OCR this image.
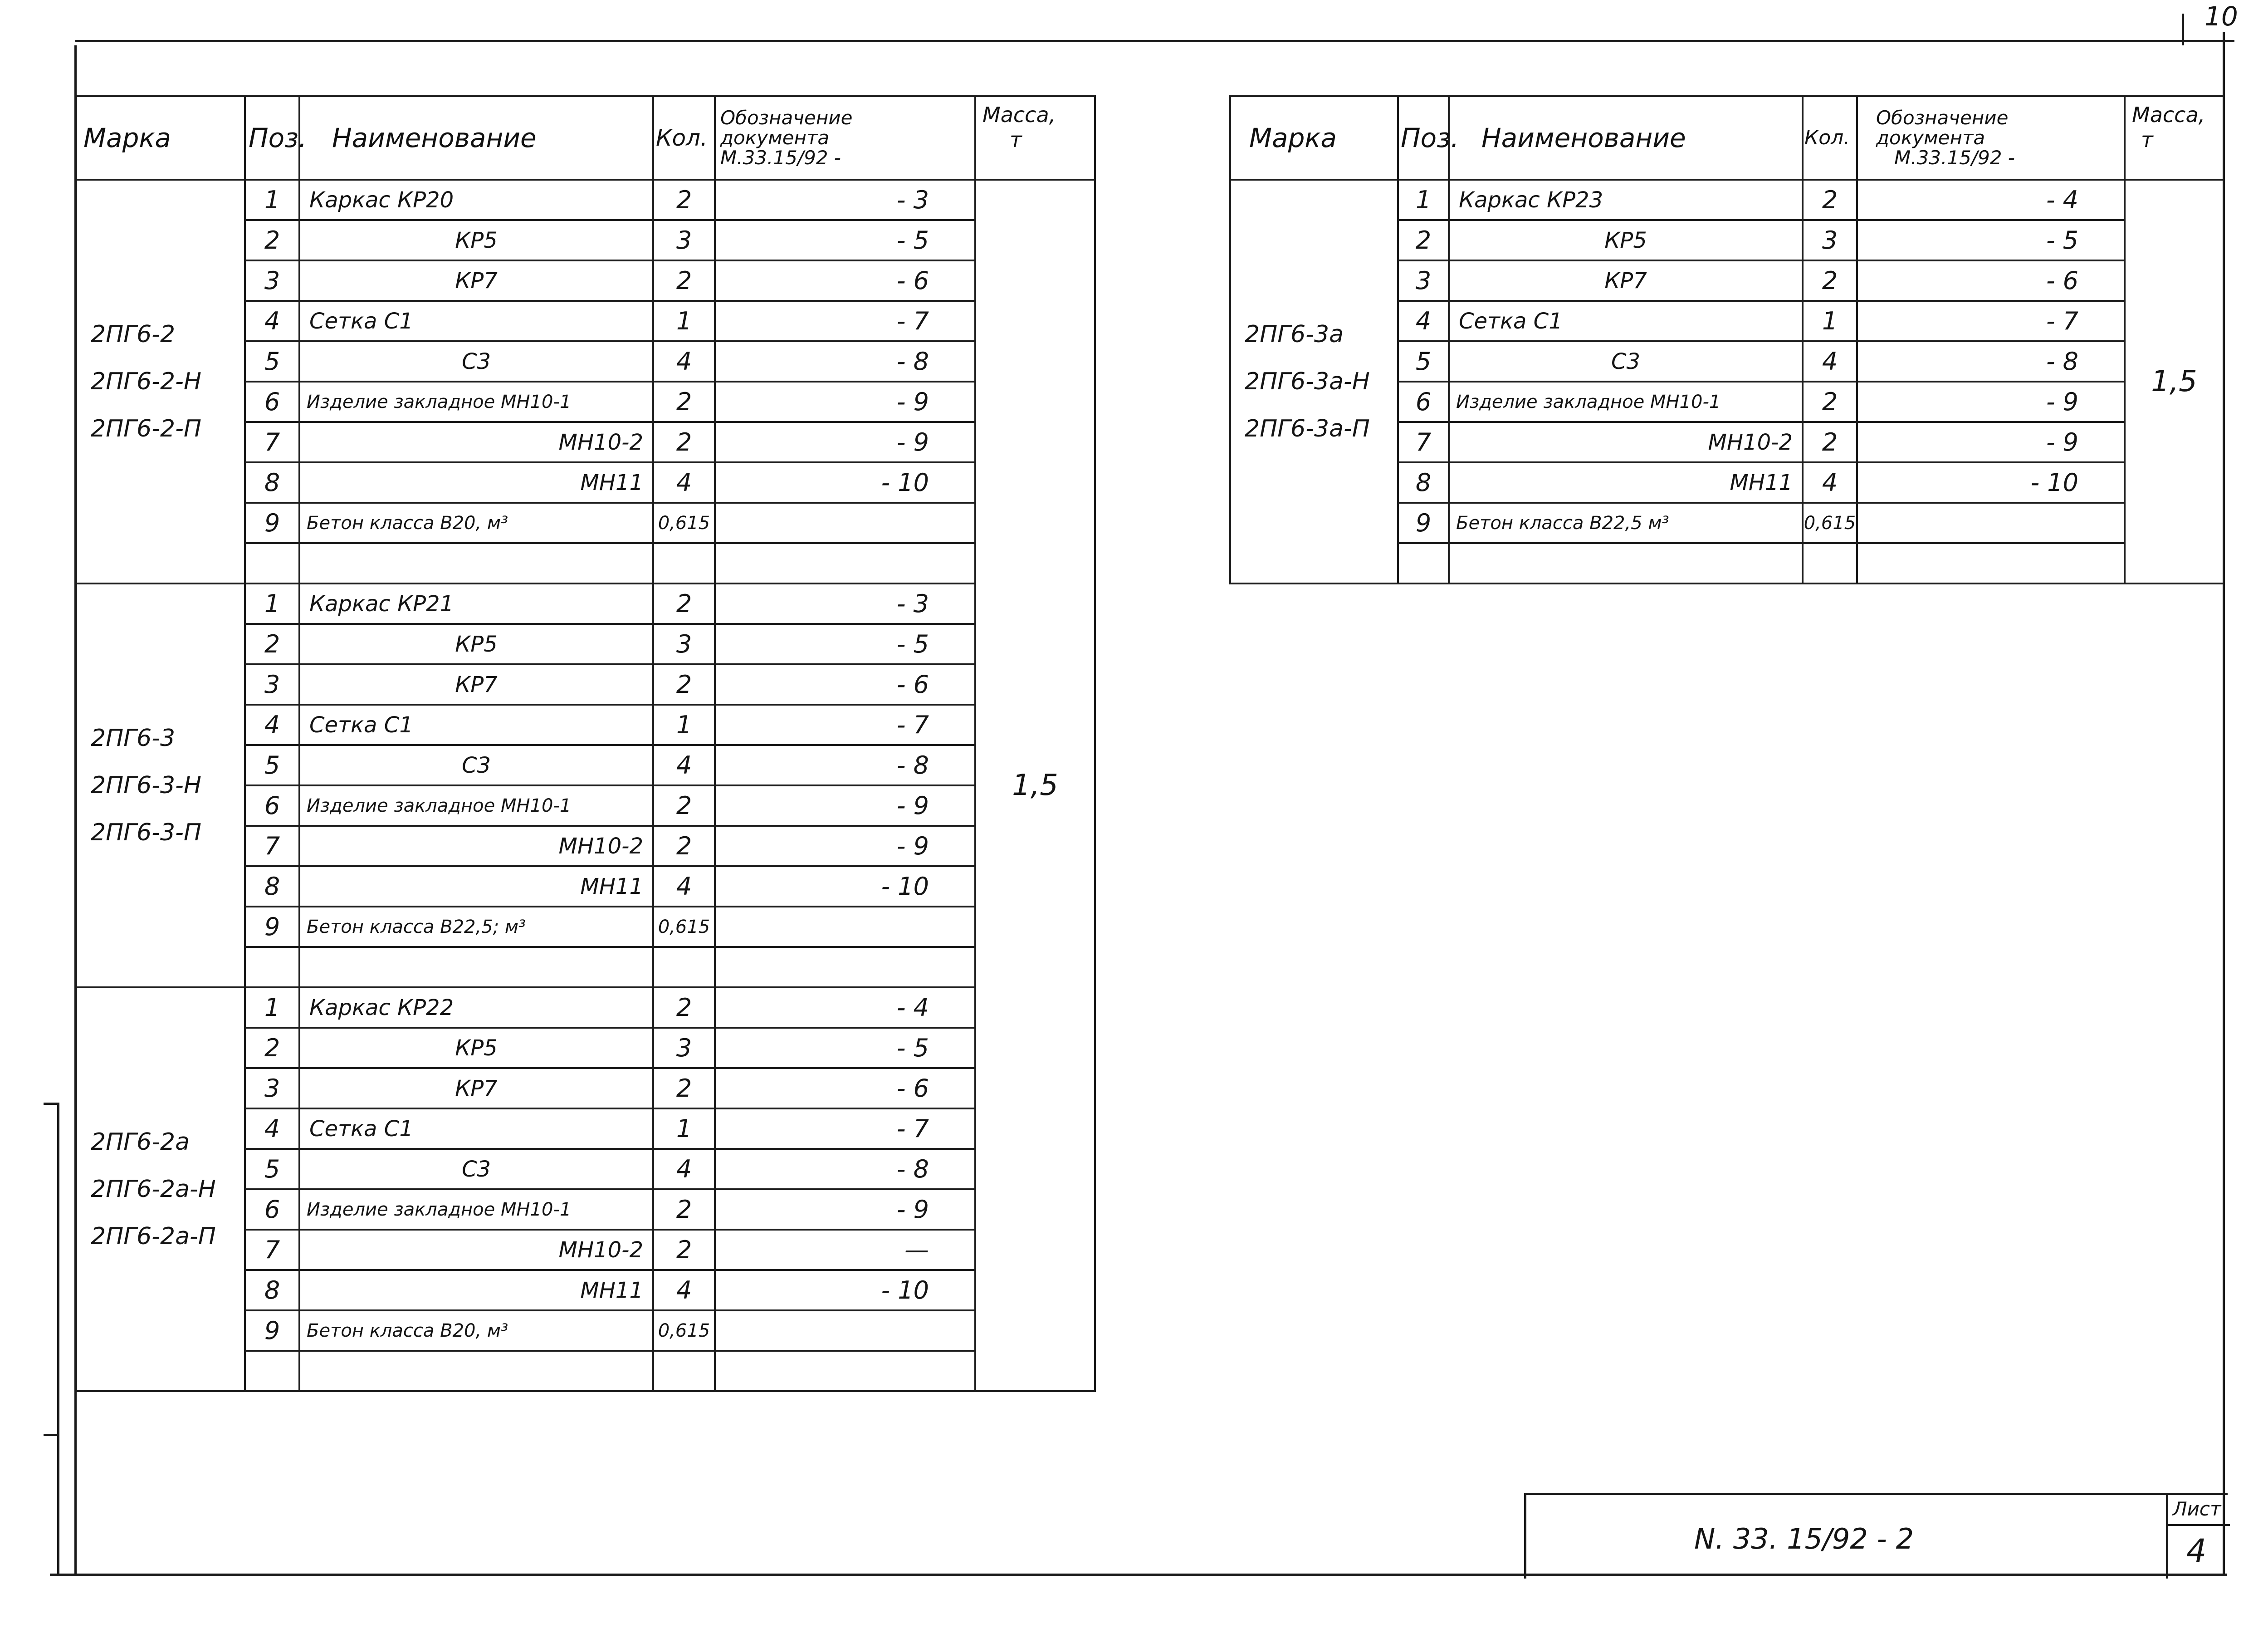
10
Марка	Поз.	Наименование	Кол.	Обозначение
документа
М.33.15/92 -	Масса,
т

2ПГ6-2
2ПГ6-2-Н
2ПГ6-2-П	1	Каркас КР20	2	- 3	1,5
	2	КР5	3	- 5	
	3	КР7	2	- 6	
	4	Сетка С1	1	- 7	
	5	С3	4	- 8	
	6	Изделие закладное МН10-1	2	- 9	
	7	МН10-2	2	- 9	
	8	МН11	4	- 10	
	9	Бетон класса В20, м³	0,615		

2ПГ6-3
2ПГ6-3-Н
2ПГ6-3-П	1	Каркас КР21	2	- 3	
	2	КР5	3	- 5	
	3	КР7	2	- 6	
	4	Сетка С1	1	- 7	
	5	С3	4	- 8	
	6	Изделие закладное МН10-1	2	- 9	
	7	МН10-2	2	- 9	
	8	МН11	4	- 10	
	9	Бетон класса В22,5; м³	0,615		

2ПГ6-2а
2ПГ6-2а-Н
2ПГ6-2а-П	1	Каркас КР22	2	- 4	
	2	КР5	3	- 5	
	3	КР7	2	- 6	
	4	Сетка С1	1	- 7	
	5	С3	4	- 8	
	6	Изделие закладное МН10-1	2	- 9	
	7	МН10-2	2	—	
	8	МН11	4	- 10	
	9	Бетон класса В20, м³	0,615		

Марка	Поз.	Наименование	Кол.	Обозначение
документа
М.33.15/92 -	Масса,
т

2ПГ6-3а
2ПГ6-3а-Н
2ПГ6-3а-П	1	Каркас КР23	2	- 4	1,5
	2	КР5	3	- 5	
	3	КР7	2	- 6	
	4	Сетка С1	1	- 7	
	5	С3	4	- 8	
	6	Изделие закладное МН10-1	2	- 9	
	7	МН10-2	2	- 9	
	8	МН11	4	- 10	
	9	Бетон класса В22,5 м³	0,615		

N. 33. 15/92 - 2
Лист
4
